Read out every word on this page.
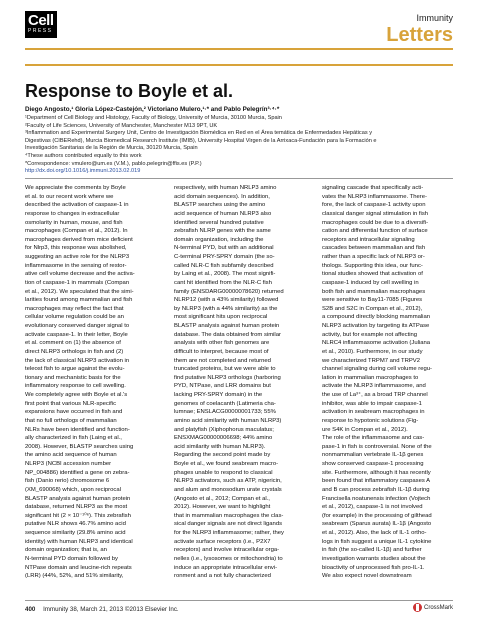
Cell
PRESS
Immunity
Letters
Response to Boyle et al.
Diego Angosto,¹ Gloria López-Castejón,² Victoriano Mulero,¹·* and Pablo Pelegrín³·⁴·*
¹Department of Cell Biology and Histology, Faculty of Biology, University of Murcia, 30100 Murcia, Spain
²Faculty of Life Sciences, University of Manchester, Manchester M13 9PT, UK
³Inflammation and Experimental Surgery Unit, Centro de Investigación Biomédica en Red en el Área temática de Enfermedades Hepáticas y
Digestivas (CIBERehd), Murcia Biomedical Research Institute (IMIB), University Hospital Virgen de la Arrixaca-Fundación para la Formación e
Investigación Sanitarias de la Región de Murcia, 30120 Murcia, Spain
⁴These authors contributed equally to this work
*Correspondence: vmulero@um.es (V.M.), pablo.pelegrin@ffis.es (P.P.)
http://dx.doi.org/10.1016/j.immuni.2013.02.019
We appreciate the comments by Boyle
et al. to our recent work where we
described the activation of caspase-1 in
response to changes in extracellular
osmolarity in human, mouse, and fish
macrophages (Compan et al., 2012). In
macrophages derived from mice deficient
for Nlrp3, this response was abolished,
suggesting an active role for the NLRP3
inflammasome in the sensing of restor-
ative cell volume decrease and the activa-
tion of caspase-1 in mammals (Compan
et al., 2012). We speculated that the simi-
larities found among mammalian and fish
macrophages may reflect the fact that
cellular volume regulation could be an
evolutionary conserved danger signal to
activate caspase-1. In their letter, Boyle
et al. comment on (1) the absence of
direct NLRP3 orthologs in fish and (2)
the lack of classical NLRP3 activation in
teleost fish to argue against the evolu-
tionary and mechanistic basis for the
inflammatory response to cell swelling.
We completely agree with Boyle et al.'s
first point that various NLR-specific
expansions have occurred in fish and
that no full orthologs of mammalian
NLRs have been identified and function-
ally characterized in fish (Laing et al.,
2008). However, BLASTP searches using
the amino acid sequence of human
NLRP3 (NCBI accession number
NP_004886) identified a gene on zebra-
fish (Danio rerio) chromosome 6
(XM_690068) which, upon reciprocal
BLASTP analysis against human protein
database, returned NLRP3 as the most
significant hit (2 × 10⁻¹⁰⁶). This zebrafish
putative NLR shows 46.7% amino acid
sequence similarity (29.8% amino acid
identity) with human NLRP3 and identical
domain organization; that is, an
N-terminal PYD domain followed by
NTPase domain and leucine-rich repeats
(LRR) (44%, 52%, and 51% similarity,
respectively, with human NRLP3 amino
acid domain sequences). In addition,
BLASTP searches using the amino
acid sequence of human NLRP3 also
identified several hundred putative
zebrafish NLRP genes with the same
domain organization, including the
N-terminal PYD, but with an additional
C-terminal PRY-SPRY domain (the so-
called NLR-C fish subfamily described
by Laing et al., 2008). The most signifi-
cant hit identified from the NLR-C fish
family (ENSDARG00000078620) returned
NLRP12 (with a 43% similarity) followed
by NLRP3 (with a 44% similarity) as the
most significant hits upon reciprocal
BLASTP analysis against human protein
database. The data obtained from similar
analysis with other fish genomes are
difficult to interpret, because most of
them are not completed and returned
truncated proteins, but we were able to
find putative NLRP3 orthologs (harboring
PYD, NTPase, and LRR domains but
lacking PRY-SPRY domain) in the
genomes of coelacanth (Latimeria cha-
lumnae; ENSLACG00000001733; 55%
amino acid similarity with human NLRP3)
and platyfish (Xiphophorus maculatus;
ENSXMAG00000006698; 44% amino
acid similarity with human NLRP3).
Regarding the second point made by
Boyle et al., we found seabream macro-
phages unable to respond to classical
NLRP3 activators, such as ATP, nigericin,
and alum and monosodium urate crystals
(Angosto et al., 2012; Compan et al.,
2012). However, we want to highlight
that in mammalian macrophages the clas-
sical danger signals are not direct ligands
for the NLRP3 inflammasome; rather, they
activate surface receptors (i.e., P2X7
receptors) and involve intracellular orga-
nelles (i.e., lysosomes or mitochondria) to
induce an appropriate intracellular envi-
ronment and a not fully characterized
signaling cascade that specifically acti-
vates the NLRP3 inflammasome. There-
fore, the lack of caspase-1 activity upon
classical danger signal stimulation in fish
macrophages could be due to a diversifi-
cation and differential function of surface
receptors and intracellular signaling
cascades between mammalian and fish
rather than a specific lack of NLRP3 or-
thologs. Supporting this idea, our func-
tional studies showed that activation of
caspase-1 induced by cell swelling in
both fish and mammalian macrophages
were sensitive to Bay11-7085 (Figures
S2B and S2C in Compan et al., 2012),
a compound directly blocking mammalian
NLRP3 activation by targeting its ATPase
activity, but for example not affecting
NLRC4 inflammasome activation (Juliana
et al., 2010). Furthermore, in our study
we characterized TRPM7 and TRPV2
channel signaling during cell volume regu-
lation in mammalian macrophages to
activate the NLRP3 inflammasome, and
the use of La³⁺, as a broad TRP channel
inhibitor, was able to impair caspase-1
activation in seabream macrophages in
response to hypotonic solutions (Fig-
ure S4K in Compan et al., 2012).
The role of the inflammasome and cas-
pase-1 in fish is controversial. None of the
nonmammalian vertebrate IL-1β genes
show conserved caspase-1 processing
site. Furthermore, although it has recently
been found that inflammatory caspases A
and B can process zebrafish IL-1β during
Francisella noatunensis infection (Vojtech
et al., 2012), caspase-1 is not involved
(for example) in the processing of gilthead
seabream (Sparus aurata) IL-1β (Angosto
et al., 2012). Also, the lack of IL-1 ortho-
logs in fish suggest a unique IL-1 cytokine
in fish (the so-called IL-1β) and further
investigation warrants studies about the
bioactivity of unprocessed fish pro-IL-1.
We also expect novel downstream
400 Immunity 38, March 21, 2013 ©2013 Elsevier Inc.	CrossMark
